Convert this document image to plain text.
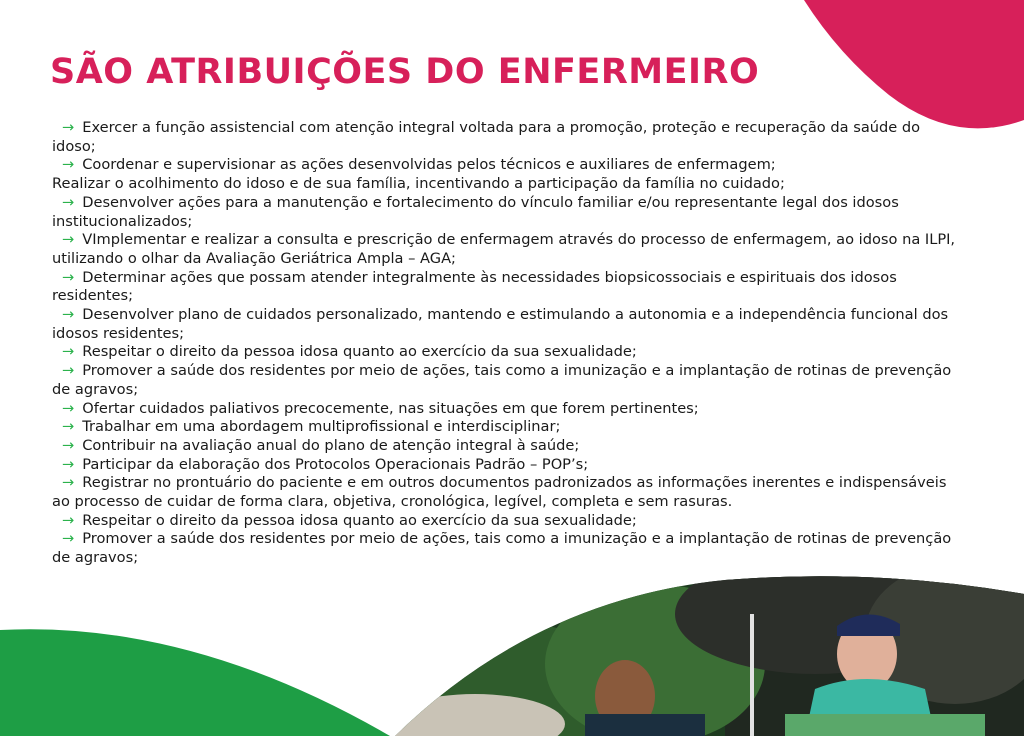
SÃO ATRIBUIÇÕES DO ENFERMEIRO

→ Exercer a função assistencial com atenção integral voltada para a promoção, proteção e recuperação da saúde do idoso;

→ Coordenar e supervisionar as ações desenvolvidas pelos técnicos e auxiliares de enfermagem;

Realizar o acolhimento do idoso e de sua família, incentivando a participação da família no cuidado;

→ Desenvolver ações para a manutenção e fortalecimento do vínculo familiar e/ou representante legal dos idosos institucionalizados;

→ VImplementar e realizar a consulta e prescrição de enfermagem através do processo de enfermagem, ao idoso na ILPI, utilizando o olhar da Avaliação Geriátrica Ampla – AGA;

→ Determinar ações que possam atender integralmente às necessidades biopsicossociais e espirituais dos idosos residentes;

→ Desenvolver plano de cuidados personalizado, mantendo e estimulando a autonomia e a independência funcional dos idosos residentes;

→ Respeitar o direito da pessoa idosa quanto ao exercício da sua sexualidade;

→ Promover a saúde dos residentes por meio de ações, tais como a imunização e a implantação de rotinas de prevenção de agravos;

→ Ofertar cuidados paliativos precocemente, nas situações em que forem pertinentes;

→ Trabalhar em uma abordagem multiprofissional e interdisciplinar;

→ Contribuir na avaliação anual do plano de atenção integral à saúde;

→ Participar da elaboração dos Protocolos Operacionais Padrão – POP’s;

→ Registrar no prontuário do paciente e em outros documentos padronizados as informações inerentes e indispensáveis ao processo de cuidar de forma clara, objetiva, cronológica, legível, completa e sem rasuras.

→ Respeitar o direito da pessoa idosa quanto ao exercício da sua sexualidade;

→ Promover a saúde dos residentes por meio de ações, tais como a imunização e a implantação de rotinas de prevenção de agravos;
